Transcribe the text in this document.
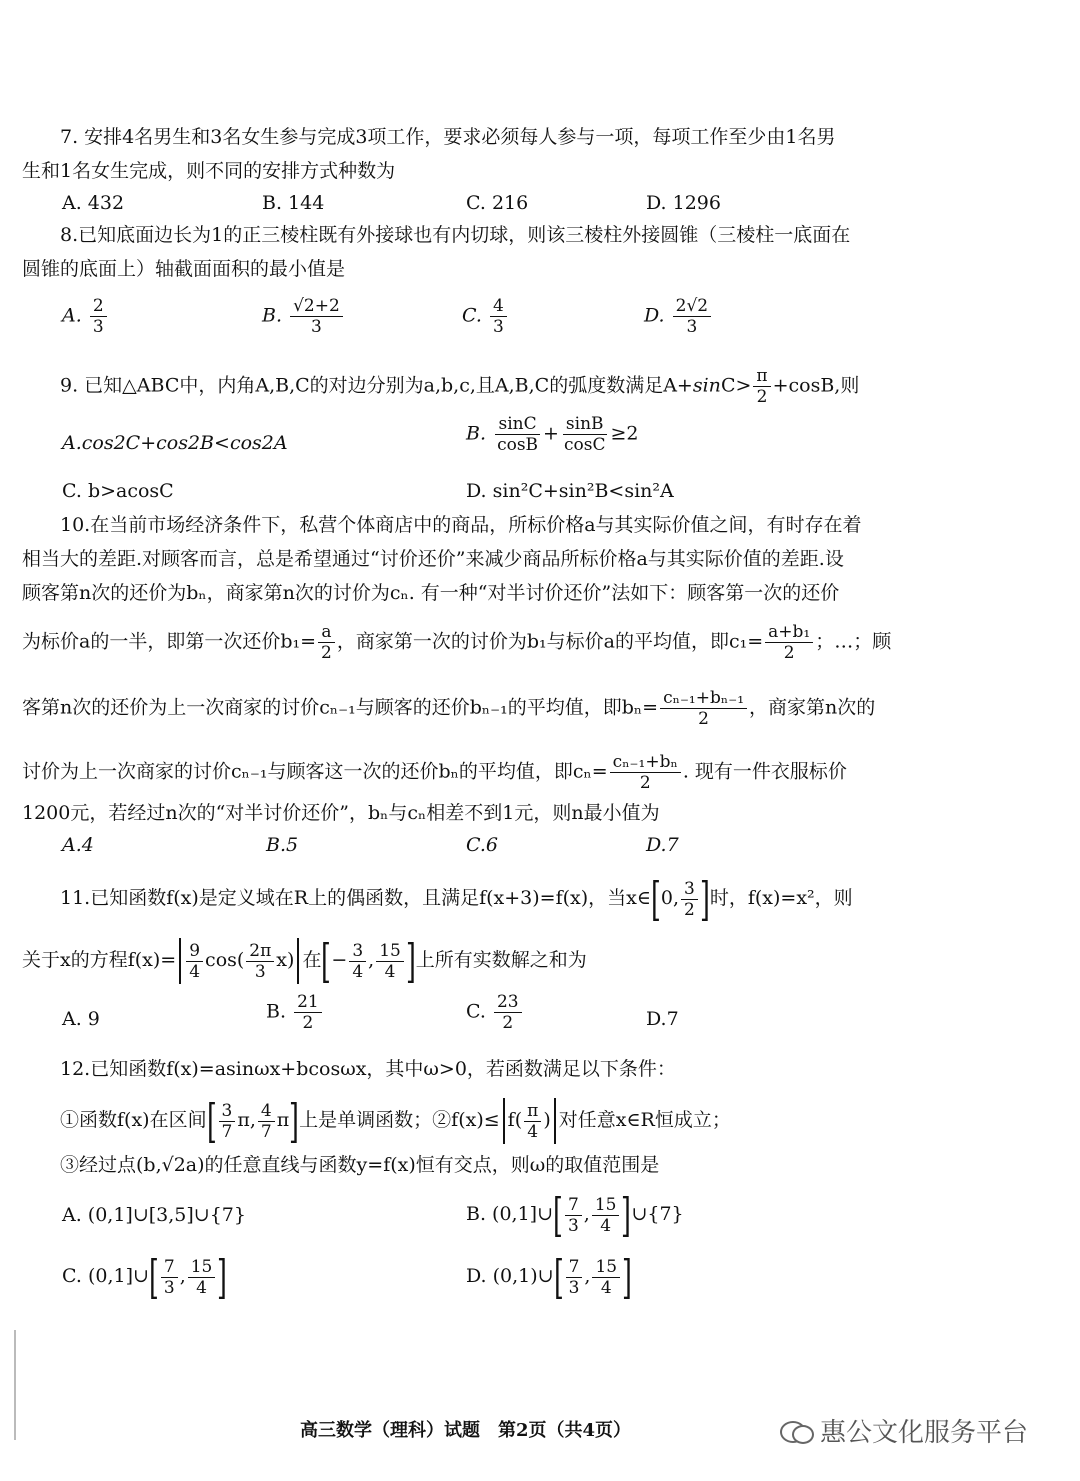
7. 安排4名男生和3名女生参与完成3项工作，要求必须每人参与一项，每项工作至少由1名男
生和1名女生完成，则不同的安排方式种数为
A. 432	B. 144	C. 216	D. 1296
8.已知底面边长为1的正三棱柱既有外接球也有内切球，则该三棱柱外接圆锥（三棱柱一底面在
圆锥的底面上）轴截面面积的最小值是
A. $\frac{2}{3}$	B. $\frac{√2+2}{3}$	C. $\frac{4}{3}$	D. $\frac{2√2}{3}$
9. 已知△ABC中，内角A,B,C的对边分别为a,b,c,且A,B,C的弧度数满足$A+\sin C> \frac{\pi}{2} +\cos B$,则
A.cos2C+cos2B<cos2A	B. $\frac{\sin C}{\cos B} + \frac{\sin B}{\cos C} \ge 2$
C. b>acosC	D. sin²C+sin²B<sin²A
10.在当前市场经济条件下，私营个体商店中的商品，所标价格a与其实际价值之间，有时存在着
相当大的差距.对顾客而言，总是希望通过“讨价还价”来减少商品所标价格a与其实际价值的差距.设
顾客第n次的还价为bₙ，商家第n次的讨价为cₙ. 有一种“对半讨价还价”法如下：顾客第一次的还价
为标价a的一半，即第一次还价$b_1= \frac{a}{2}$ ，商家第一次的讨价为b₁与标价a的平均值，即$c_1= \frac{\text{a+b₁}}{2}$ ；…；顾
客第n次的还价为上一次商家的讨价cₙ₋₁与顾客的还价bₙ₋₁的平均值，即$b_n= \frac{\text{cₙ₋₁+bₙ₋₁}}{2}$ ，商家第n次的
讨价为上一次商家的讨价cₙ₋₁与顾客这一次的还价bₙ的平均值，即$c_n= \frac{\text{cₙ₋₁+bₙ}}{2}$ . 现有一件衣服标价
1200元，若经过n次的“对半讨价还价”，bₙ与cₙ相差不到1元，则n最小值为
A.4	B.5	C.6	D.7
11.已知函数f(x)是定义域在R上的偶函数，且满足f(x+3)=f(x)，当x∈[0, $\frac{3}{2}$ ]时，f(x)=x²，则
关于x的方程$f(x)= \frac{9}{4} \cos( \frac{2\pi}{3} x)$ 在[− $\frac{3}{4}$ , $\frac{15}{4}$ ]上所有实数解之和为
A. 9	B. $\frac{21}{2}$	C. $\frac{23}{2}$	D.7
12.已知函数f(x)=asinωx+bcosωx，其中ω>0，若函数满足以下条件：
①函数f(x)在区间[ $\frac{3}{7} \pi$, $\frac{4}{7} \pi$]上是单调函数；②f(x)≤ $f( \frac{\pi}{4}$ ) 对任意x∈R恒成立；
③经过点(b,√2a)的任意直线与函数y=f(x)恒有交点，则ω的取值范围是
A. (0,1]∪[3,5]∪{7}	B. (0,1]∪[ $\frac{7}{3}$ , $\frac{15}{4}$ ]∪{7}
C. (0,1]∪[ $\frac{7}{3}$ , $\frac{15}{4}$ ]	D. (0,1)∪[ $\frac{7}{3}$ , $\frac{15}{4}$ ]
高三数学（理科）试题　第2页（共4页）	惠公文化服务平台
